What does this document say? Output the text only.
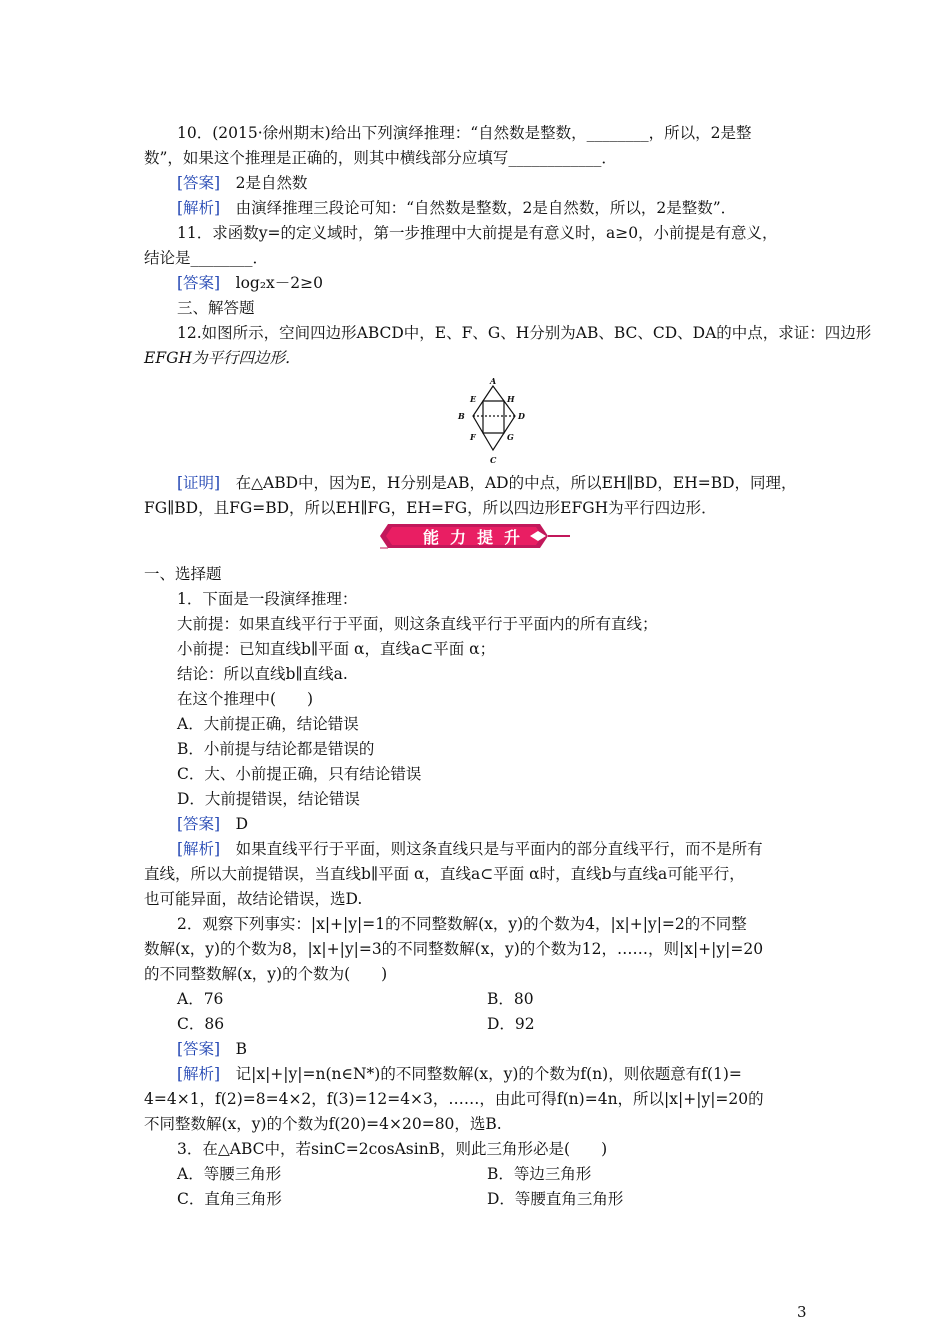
10．(2015·徐州期末)给出下列演绎推理：“自然数是整数，________，所以，2是整
数”，如果这个推理是正确的，则其中横线部分应填写____________．
[答案]　2是自然数
[解析]　由演绎推理三段论可知：“自然数是整数，2是自然数，所以，2是整数”．
11．求函数y=的定义域时，第一步推理中大前提是有意义时，a≥0，小前提是有意义，
结论是________．
[答案]　log₂x－2≥0
三、解答题
12.如图所示，空间四边形ABCD中，E、F、G、H分别为AB、BC、CD、DA的中点，求证：四边形
EFGH为平行四边形．
A
B
C
D
E
F	G
H
[证明]　在△ABD中，因为E，H分别是AB，AD的中点，所以EH∥BD，EH=BD，同理，
FG∥BD，且FG=BD，所以EH∥FG，EH=FG，所以四边形EFGH为平行四边形．
能力提升
一、选择题
1．下面是一段演绎推理：
大前提：如果直线平行于平面，则这条直线平行于平面内的所有直线；
小前提：已知直线b∥平面 α，直线a⊂平面 α；
结论：所以直线b∥直线a.
在这个推理中(　　)
A．大前提正确，结论错误
B．小前提与结论都是错误的
C．大、小前提正确，只有结论错误
D．大前提错误，结论错误
[答案]　D
[解析]　如果直线平行于平面，则这条直线只是与平面内的部分直线平行，而不是所有
直线，所以大前提错误，当直线b∥平面 α，直线a⊂平面 α时，直线b与直线a可能平行，
也可能异面，故结论错误，选D.
2．观察下列事实：|x|+|y|=1的不同整数解(x，y)的个数为4，|x|+|y|=2的不同整
数解(x，y)的个数为8，|x|+|y|=3的不同整数解(x，y)的个数为12，……，则|x|+|y|=20
的不同整数解(x，y)的个数为(　　)
A．76	B．80
C．86	D．92
[答案]　B
[解析]　记|x|+|y|=n(n∈N*)的不同整数解(x，y)的个数为f(n)，则依题意有f(1)=
4=4×1，f(2)=8=4×2，f(3)=12=4×3，……，由此可得f(n)=4n，所以|x|+|y|=20的
不同整数解(x，y)的个数为f(20)=4×20=80，选B.
3．在△ABC中，若sinC=2cosAsinB，则此三角形必是(　　)
A．等腰三角形	B．等边三角形
C．直角三角形	D．等腰直角三角形
3
